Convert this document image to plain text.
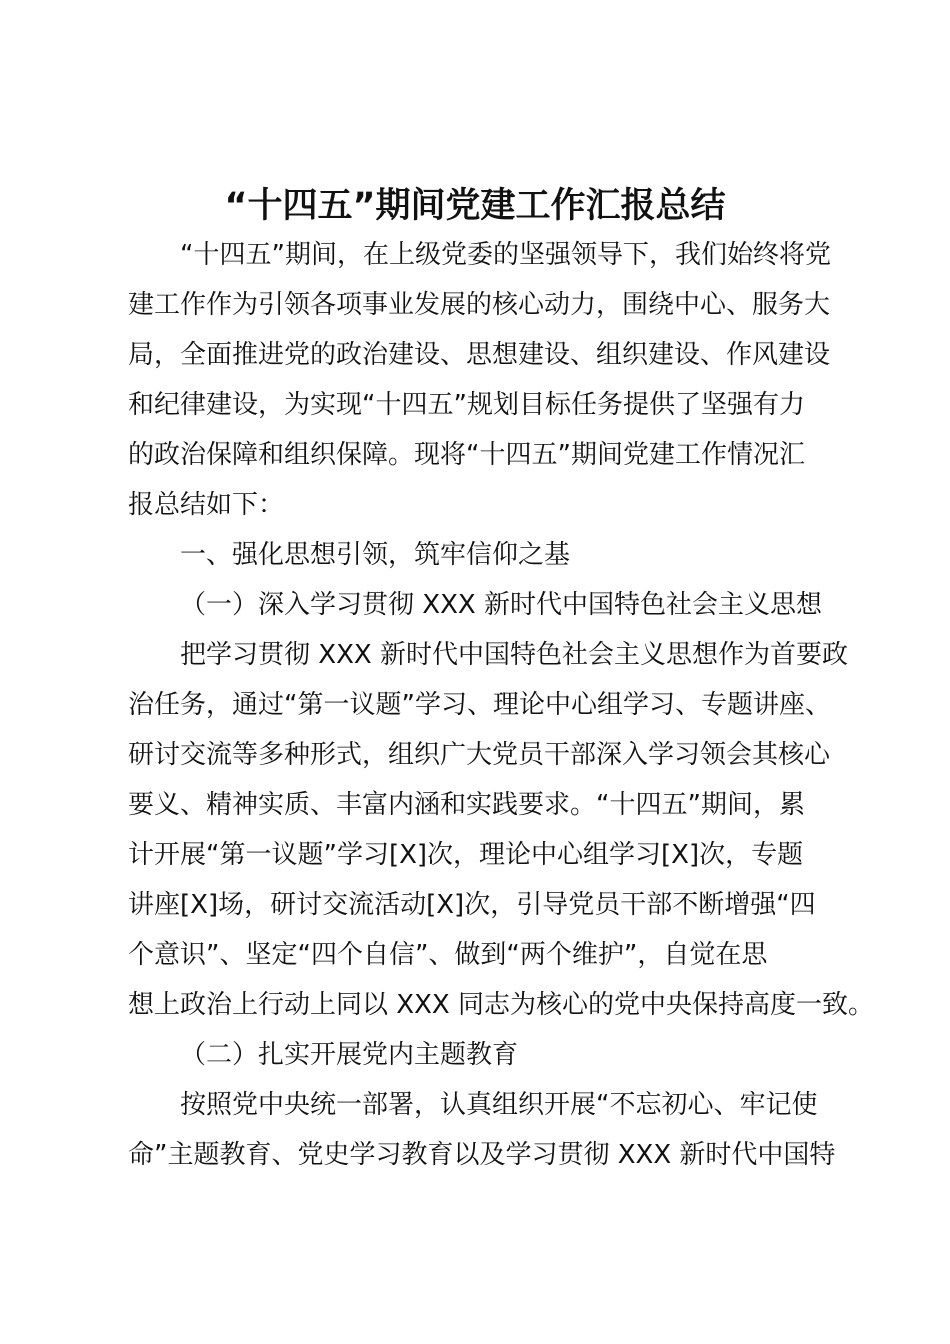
“十四五”期间党建工作汇报总结
“十四五”期间，在上级党委的坚强领导下，我们始终将党
建工作作为引领各项事业发展的核心动力，围绕中心、服务大
局，全面推进党的政治建设、思想建设、组织建设、作风建设
和纪律建设，为实现“十四五”规划目标任务提供了坚强有力
的政治保障和组织保障。现将“十四五”期间党建工作情况汇
报总结如下：
一、强化思想引领，筑牢信仰之基
（一）深入学习贯彻 XXX 新时代中国特色社会主义思想
把学习贯彻 XXX 新时代中国特色社会主义思想作为首要政
治任务，通过“第一议题”学习、理论中心组学习、专题讲座、
研讨交流等多种形式，组织广大党员干部深入学习领会其核心
要义、精神实质、丰富内涵和实践要求。“十四五”期间，累
计开展“第一议题”学习[X]次，理论中心组学习[X]次，专题
讲座[X]场，研讨交流活动[X]次，引导党员干部不断增强“四
个意识”、坚定“四个自信”、做到“两个维护”，自觉在思
想上政治上行动上同以 XXX 同志为核心的党中央保持高度一致。
（二）扎实开展党内主题教育
按照党中央统一部署，认真组织开展“不忘初心、牢记使
命”主题教育、党史学习教育以及学习贯彻 XXX 新时代中国特
